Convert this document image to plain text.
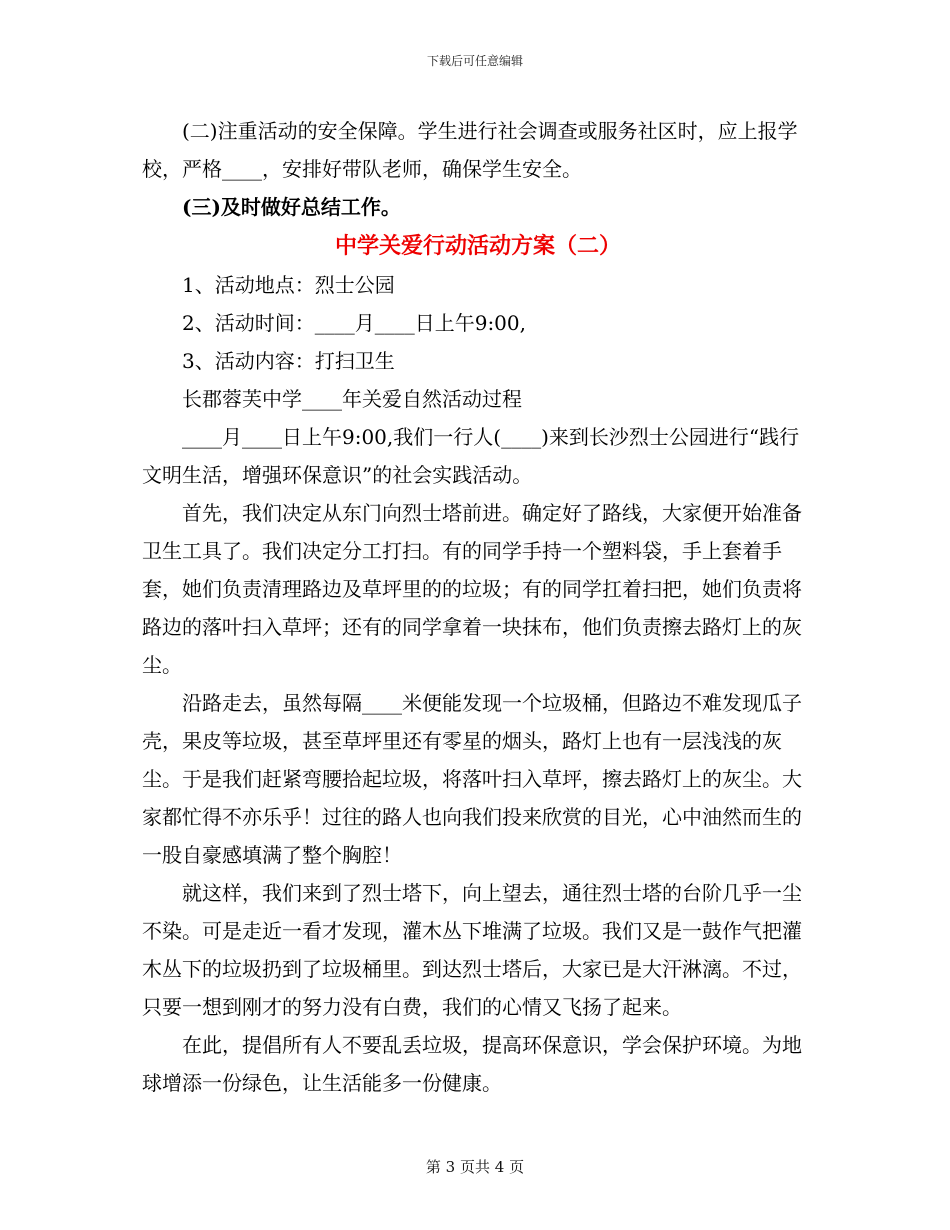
下载后可任意编辑

(二)注重活动的安全保障。学生进行社会调查或服务社区时，应上报学校，严格____，安排好带队老师，确保学生安全。

(三)及时做好总结工作。

中学关爱行动活动方案（二）

1、活动地点：烈士公园

2、活动时间：____月____日上午9:00,

3、活动内容：打扫卫生

长郡蓉芙中学____年关爱自然活动过程

____月____日上午9:00,我们一行人(____)来到长沙烈士公园进行“践行文明生活，增强环保意识”的社会实践活动。

首先，我们决定从东门向烈士塔前进。确定好了路线，大家便开始准备卫生工具了。我们决定分工打扫。有的同学手持一个塑料袋，手上套着手套，她们负责清理路边及草坪里的的垃圾；有的同学扛着扫把，她们负责将路边的落叶扫入草坪；还有的同学拿着一块抹布，他们负责擦去路灯上的灰尘。

沿路走去，虽然每隔____米便能发现一个垃圾桶，但路边不难发现瓜子壳，果皮等垃圾，甚至草坪里还有零星的烟头，路灯上也有一层浅浅的灰尘。于是我们赶紧弯腰拾起垃圾，将落叶扫入草坪，擦去路灯上的灰尘。大家都忙得不亦乐乎！过往的路人也向我们投来欣赏的目光，心中油然而生的一股自豪感填满了整个胸腔！

就这样，我们来到了烈士塔下，向上望去，通往烈士塔的台阶几乎一尘不染。可是走近一看才发现，灌木丛下堆满了垃圾。我们又是一鼓作气把灌木丛下的垃圾扔到了垃圾桶里。到达烈士塔后，大家已是大汗淋漓。不过，只要一想到刚才的努力没有白费，我们的心情又飞扬了起来。

在此，提倡所有人不要乱丢垃圾，提高环保意识，学会保护环境。为地球增添一份绿色，让生活能多一份健康。

第 3 页共 4 页
